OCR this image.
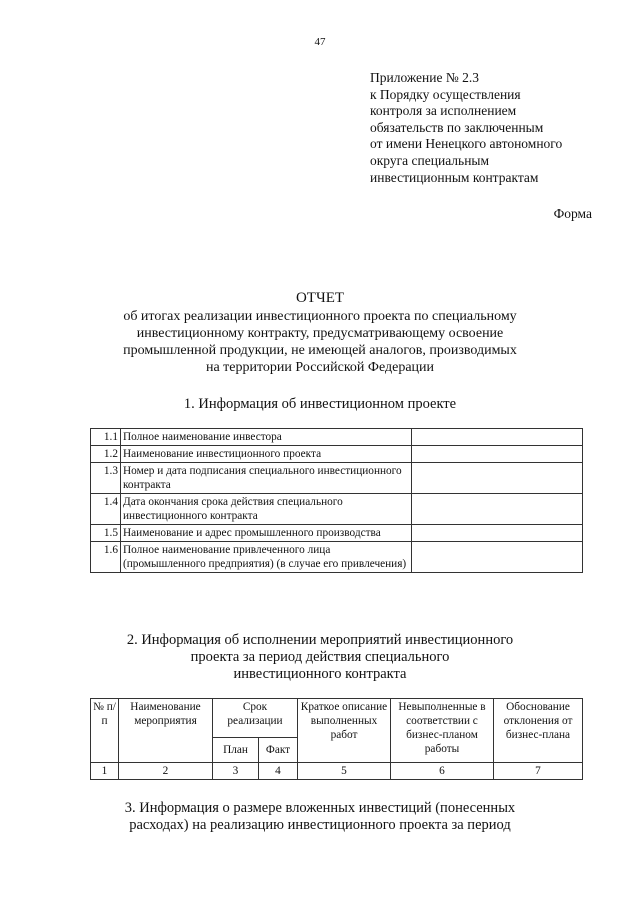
47
Приложение № 2.3
к Порядку осуществления
контроля за исполнением
обязательств по заключенным
от имени Ненецкого автономного
округа специальным
инвестиционным контрактам
Форма
ОТЧЕТ
об итогах реализации инвестиционного проекта по специальному
инвестиционному контракту, предусматривающему освоение
промышленной продукции, не имеющей аналогов, производимых
на территории Российской Федерации
1. Информация об инвестиционном проекте
1.1	Полное наименование инвестора	
1.2	Наименование инвестиционного проекта	
1.3	Номер и дата подписания специального инвестиционного контракта	
1.4	Дата окончания срока действия специального инвестиционного контракта	
1.5	Наименование и адрес промышленного производства	
1.6	Полное наименование привлеченного лица (промышленного предприятия) (в случае его привлечения)	
2. Информация об исполнении мероприятий инвестиционного
проекта за период действия специального
инвестиционного контракта
№ п/п	Наименование мероприятия	Срок реализации		Краткое описание выполненных работ	Невыполненные в соответствии с бизнес-планом работы	Обоснование отклонения от бизнес-плана
		План	Факт			
1	2	3	4	5	6	7
3. Информация о размере вложенных инвестиций (понесенных
расходах) на реализацию инвестиционного проекта за период
